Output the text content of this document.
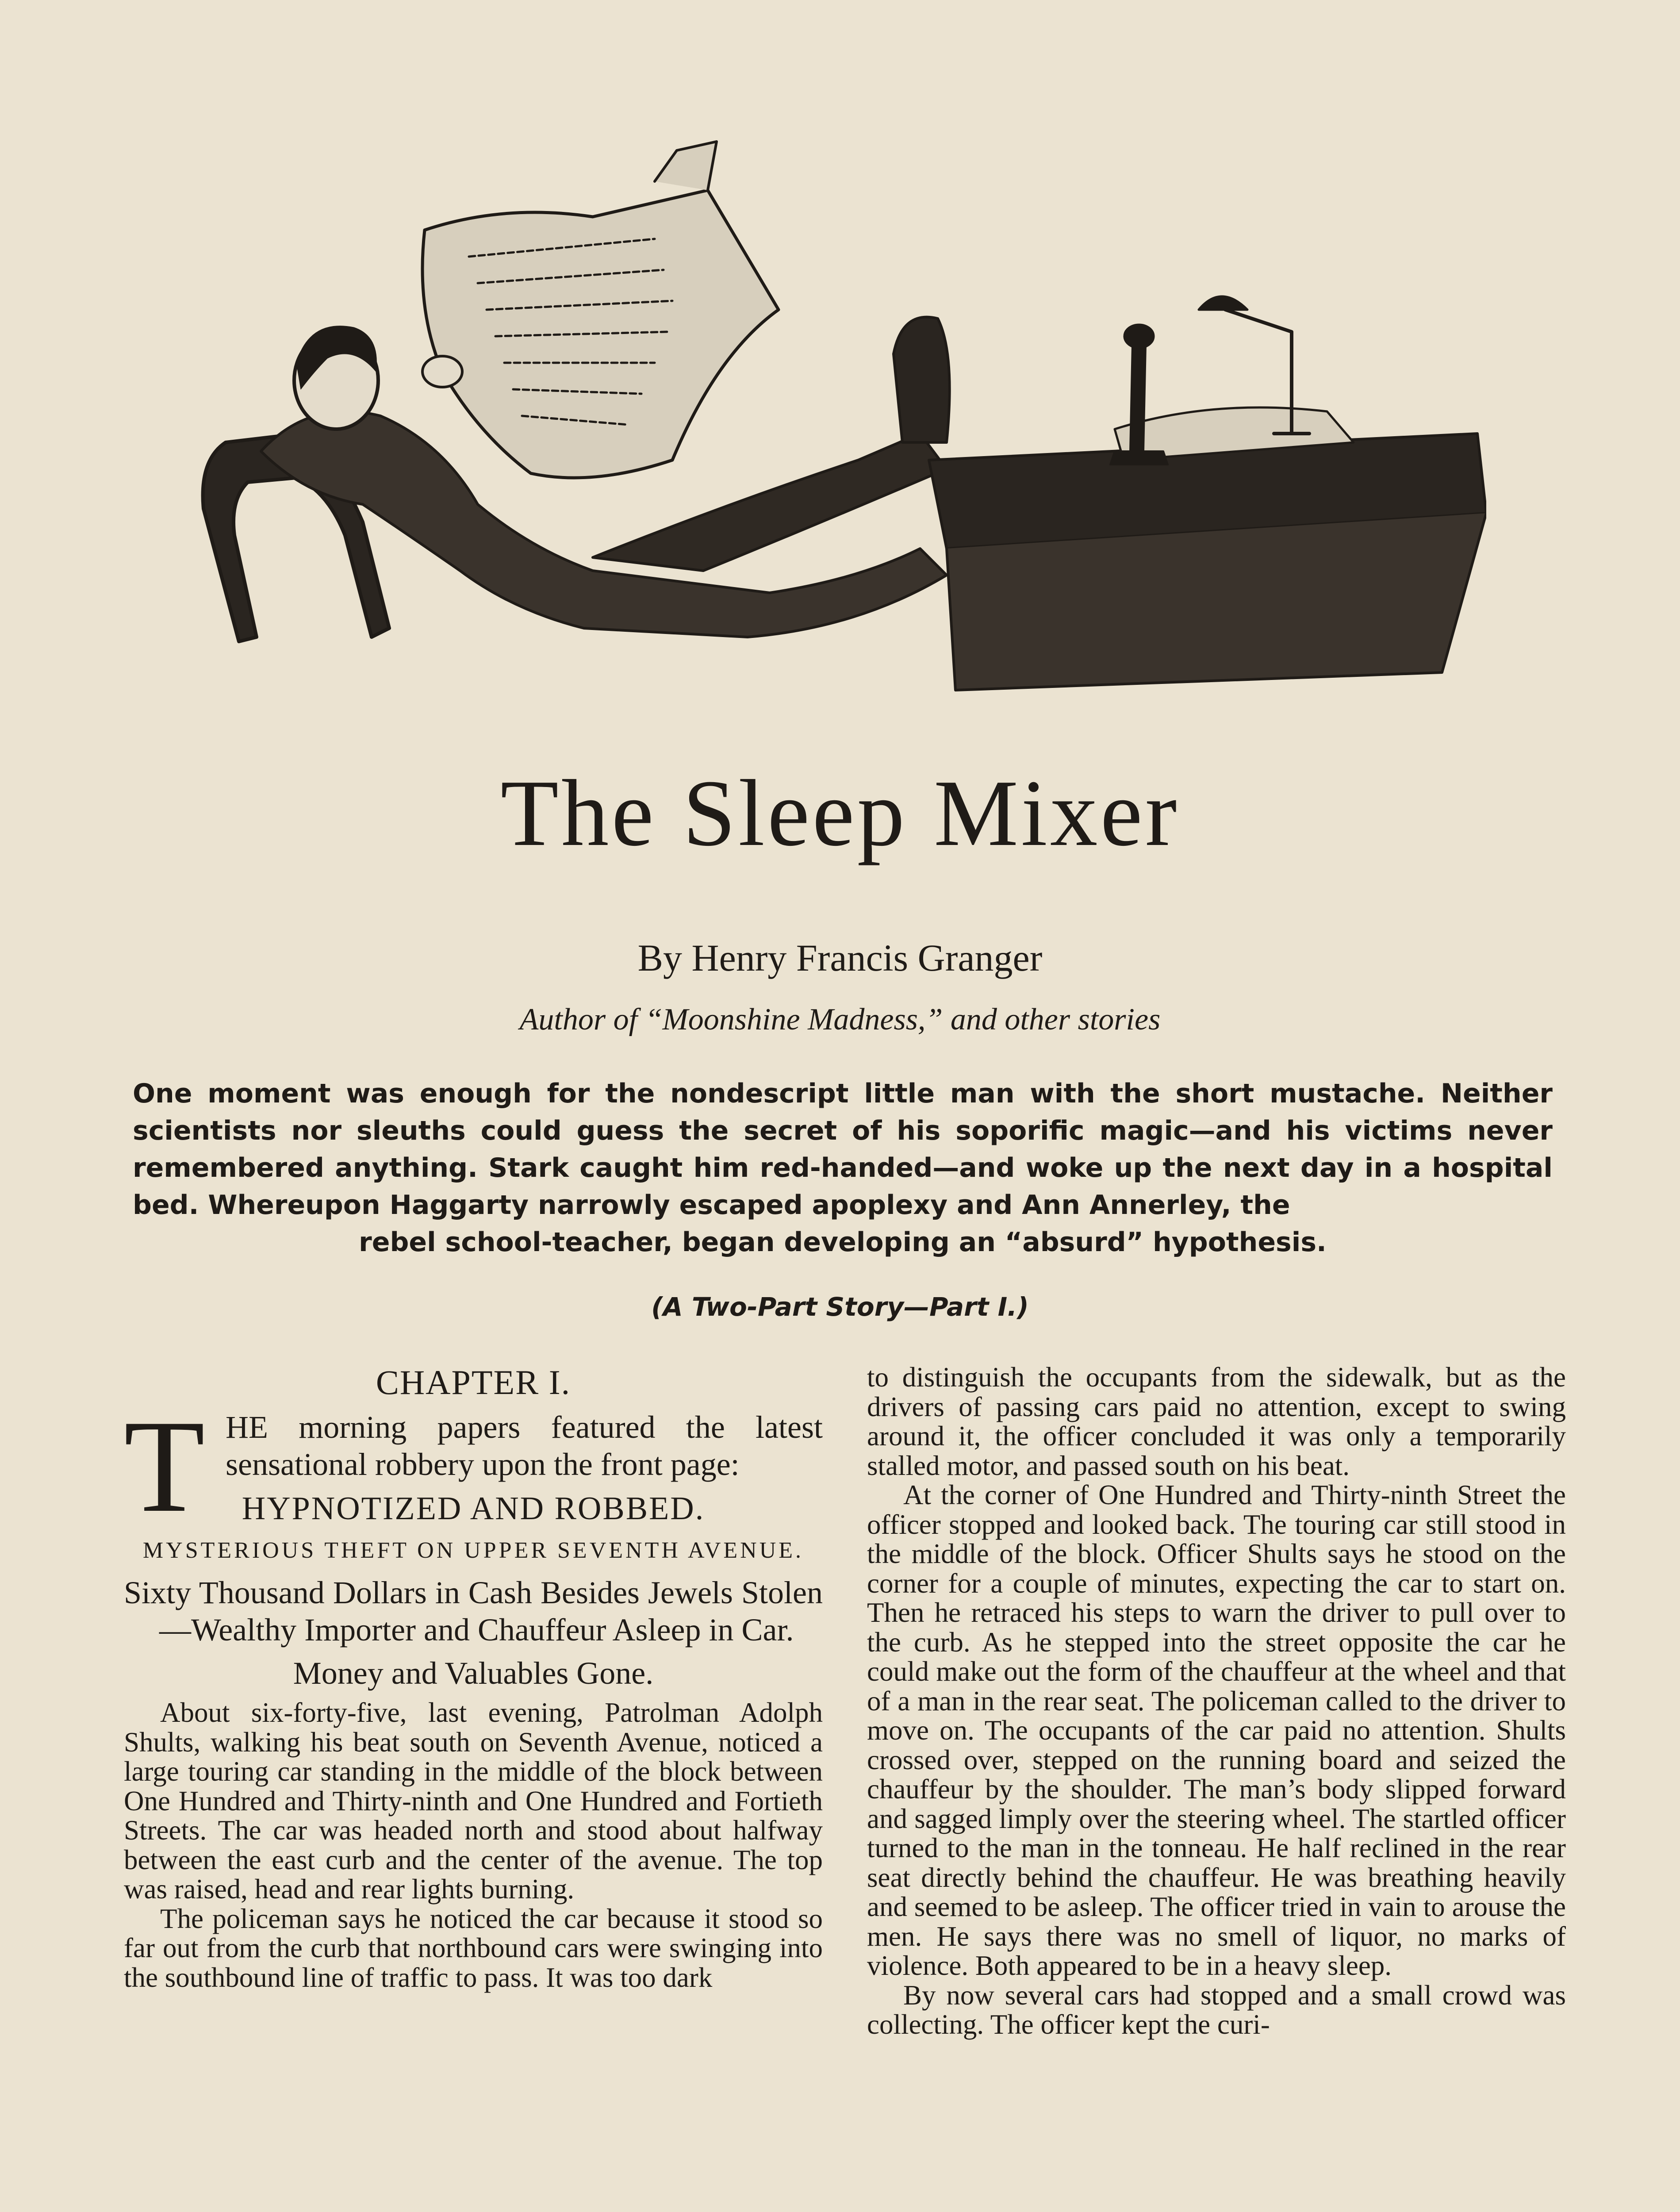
The Sleep Mixer
By Henry Francis Granger
Author of “Moonshine Madness,” and other stories
One moment was enough for the nondescript little man with the short mustache. Neither scientists nor sleuths could guess the secret of his soporific magic—and his victims never remembered anything. Stark caught him red-handed—and woke up the next day in a hospital bed. Whereupon Haggarty narrowly escaped apoplexy and Ann Annerley, the
rebel school-teacher, began developing an “absurd” hypothesis.
(A Two-Part Story—Part I.)
CHAPTER I.
T HE morning papers featured the latest sensational robbery upon the front page:
HYPNOTIZED AND ROBBED.
MYSTERIOUS THEFT ON UPPER SEVENTH AVENUE.
Sixty Thousand Dollars in Cash Besides Jewels Stolen—Wealthy Importer and Chauffeur Asleep in Car.
Money and Valuables Gone.

About six-forty-five, last evening, Patrolman Adolph Shults, walking his beat south on Seventh Avenue, noticed a large touring car standing in the middle of the block between One Hundred and Thirty-ninth and One Hundred and Fortieth Streets. The car was headed north and stood about halfway between the east curb and the center of the avenue. The top was raised, head and rear lights burning.

The policeman says he noticed the car because it stood so far out from the curb that northbound cars were swinging into the southbound line of traffic to pass. It was too dark

to distinguish the occupants from the sidewalk, but as the drivers of passing cars paid no attention, except to swing around it, the officer concluded it was only a temporarily stalled motor, and passed south on his beat.

At the corner of One Hundred and Thirty-ninth Street the officer stopped and looked back. The touring car still stood in the middle of the block. Officer Shults says he stood on the corner for a couple of minutes, expecting the car to start on. Then he retraced his steps to warn the driver to pull over to the curb. As he stepped into the street opposite the car he could make out the form of the chauffeur at the wheel and that of a man in the rear seat. The policeman called to the driver to move on. The occupants of the car paid no attention. Shults crossed over, stepped on the running board and seized the chauffeur by the shoulder. The man’s body slipped forward and sagged limply over the steering wheel. The startled officer turned to the man in the tonneau. He half reclined in the rear seat directly behind the chauffeur. He was breathing heavily and seemed to be asleep. The officer tried in vain to arouse the men. He says there was no smell of liquor, no marks of violence. Both appeared to be in a heavy sleep.

By now several cars had stopped and a small crowd was collecting. The officer kept the curi-
